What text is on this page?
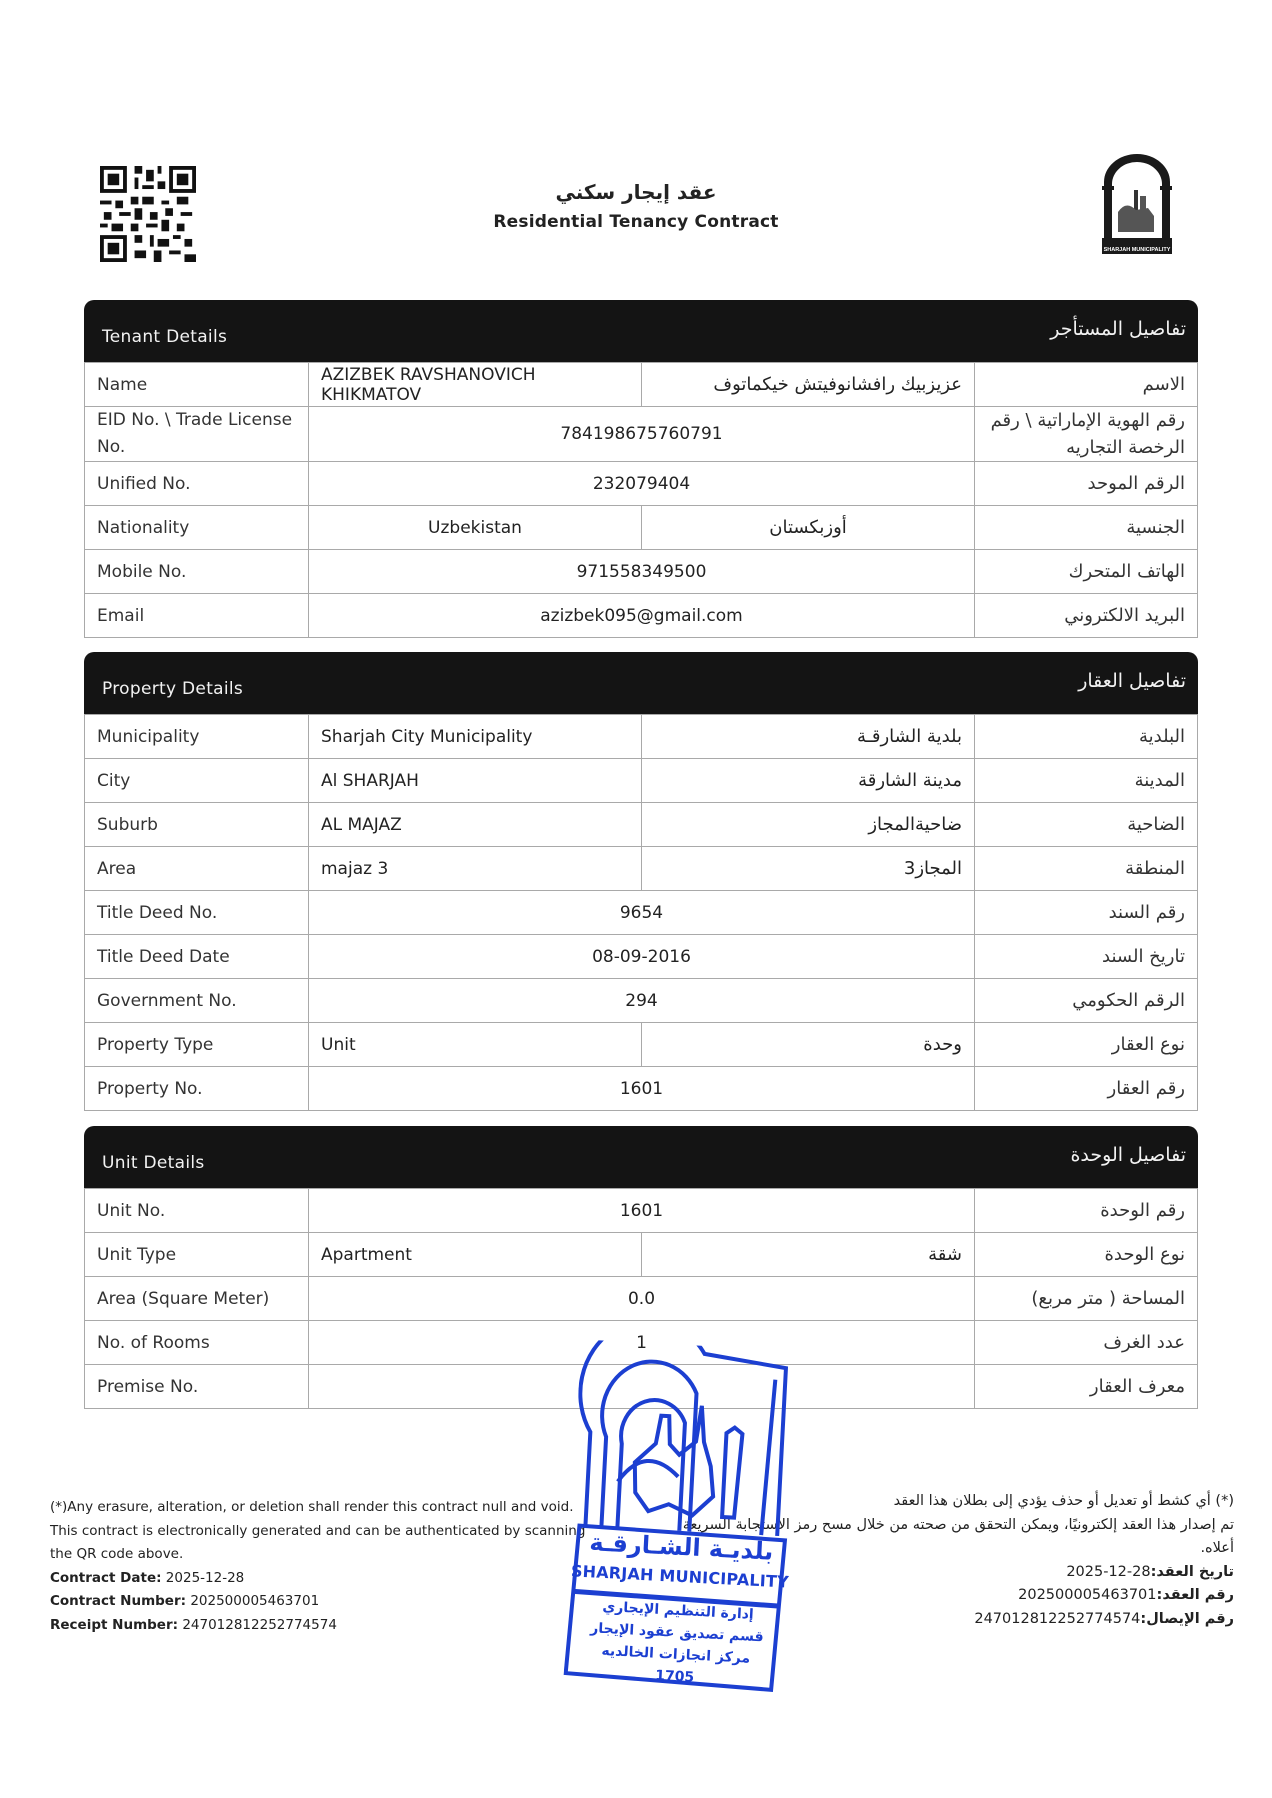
عقد إيجار سكني
Residential Tenancy Contract
SHARJAH MUNICIPALITY
Tenant Details	تفاصيل المستأجر
Name	AZIZBEK RAVSHANOVICH KHIKMATOV	عزيزبيك رافشانوفيتش خيكماتوف	الاسم
EID No. \ Trade License No.	784198675760791		رقم الهوية الإماراتية \ رقم الرخصة التجاريه
Unified No.	232079404		الرقم الموحد
Nationality	Uzbekistan	أوزبكستان	الجنسية
Mobile No.	971558349500		الهاتف المتحرك
Email	azizbek095@gmail.com		البريد الالكتروني
Property Details	تفاصيل العقار
Municipality	Sharjah City Municipality	بلدية الشارقـة	البلدية
City	Al SHARJAH	مدينة الشارقة	المدينة
Suburb	AL MAJAZ	ضاحيةالمجاز	الضاحية
Area	majaz 3	المجاز3	المنطقة
Title Deed No.	9654		رقم السند
Title Deed Date	08-09-2016		تاريخ السند
Government No.	294		الرقم الحكومي
Property Type	Unit	وحدة	نوع العقار
Property No.	1601		رقم العقار
Unit Details	تفاصيل الوحدة
Unit No.	1601		رقم الوحدة
Unit Type	Apartment	شقة	نوع الوحدة
Area (Square Meter)	0.0		المساحة ( متر مربع)
No. of Rooms	1		عدد الغرف
Premise No.			معرف العقار
(*)Any erasure, alteration, or deletion shall render this contract null and void.
This contract is electronically generated and can be authenticated by scanning the QR code above.
Contract Date: 2025-12-28
Contract Number: 202500005463701
Receipt Number: 247012812252774574
(*) أي كشط أو تعديل أو حذف يؤدي إلى بطلان هذا العقد
تم إصدار هذا العقد إلكترونيًا، ويمكن التحقق من صحته من خلال مسح رمز الاستجابة السريعة أعلاه.
تاريخ العقد:2025-12-28
رقم العقد:202500005463701
رقم الإيصال:247012812252774574
بلديـة الشـارقـة
SHARJAH MUNICIPALITY
إدارة التنظيم الإيجاري
قسم تصديق عقود الإيجار
مركز انجازات الخالديه
1705
